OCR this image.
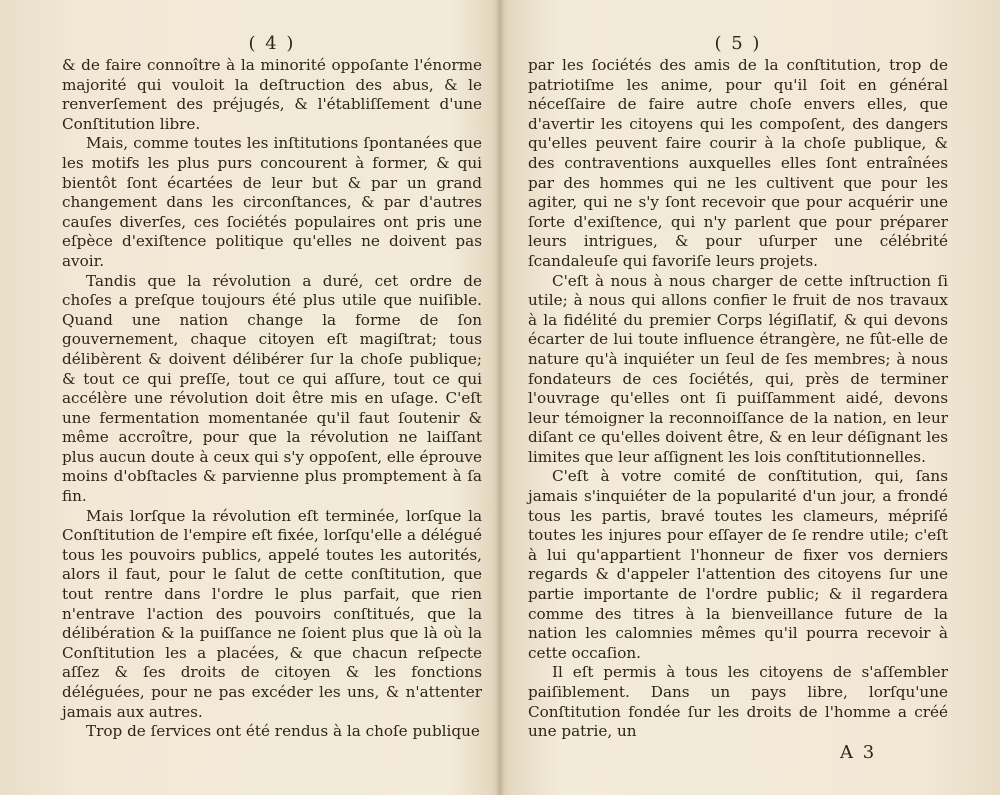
( 4 )

& de faire connoître à la minorité oppoſante l'énorme majorité qui vouloit la deſtruction des abus, & le renverſement des préjugés, & l'établiſſement d'une Conſtitution libre.

Mais, comme toutes les inſtitutions ſpontanées que les motifs les plus purs concourent à former, & qui bientôt ſont écartées de leur but & par un grand changement dans les circonſtances, & par d'autres cauſes diverſes, ces ſociétés populaires ont pris une eſpèce d'exiſtence politique qu'elles ne doivent pas avoir.

Tandis que la révolution a duré, cet ordre de choſes a preſque toujours été plus utile que nuiſible. Quand une nation change la forme de ſon gouvernement, chaque citoyen eſt magiſtrat; tous délibèrent & doivent délibérer ſur la choſe publique; & tout ce qui preſſe, tout ce qui aſſure, tout ce qui accélère une révolution doit être mis en uſage. C'eſt une fermentation momentanée qu'il faut ſoutenir & même accroître, pour que la révolution ne laiſſant plus aucun doute à ceux qui s'y oppoſent, elle éprouve moins d'obſtacles & parvienne plus promptement à ſa fin.

Mais lorſque la révolution eſt terminée, lorſque la Conſtitution de l'empire eſt fixée, lorſqu'elle a délégué tous les pouvoirs publics, appelé toutes les autorités, alors il faut, pour le ſalut de cette conſtitution, que tout rentre dans l'ordre le plus parfait, que rien n'entrave l'action des pouvoirs conſtitués, que la délibération & la puiſſance ne ſoient plus que là où la Conſtitution les a placées, & que chacun reſpecte aſſez & ſes droits de citoyen & les fonctions déléguées, pour ne pas excéder les uns, & n'attenter jamais aux autres.

Trop de ſervices ont été rendus à la choſe publique

( 5 )

par les ſociétés des amis de la conſtitution, trop de patriotiſme les anime, pour qu'il ſoit en général néceſſaire de faire autre choſe envers elles, que d'avertir les citoyens qui les compoſent, des dangers qu'elles peuvent faire courir à la choſe publique, & des contraventions auxquelles elles ſont entraînées par des hommes qui ne les cultivent que pour les agiter, qui ne s'y ſont recevoir que pour acquérir une ſorte d'exiſtence, qui n'y parlent que pour préparer leurs intrigues, & pour uſurper une célébrité ſcandaleuſe qui favoriſe leurs projets.

C'eſt à nous à nous charger de cette inſtruction ſi utile; à nous qui allons confier le fruit de nos travaux à la fidélité du premier Corps légiſlatif, & qui devons écarter de lui toute influence étrangère, ne fût-elle de nature qu'à inquiéter un ſeul de ſes membres; à nous fondateurs de ces ſociétés, qui, près de terminer l'ouvrage qu'elles ont ſi puiſſamment aidé, devons leur témoigner la reconnoiſſance de la nation, en leur diſant ce qu'elles doivent être, & en leur déſignant les limites que leur aſſignent les lois conſtitutionnelles.

C'eſt à votre comité de conſtitution, qui, ſans jamais s'inquiéter de la popularité d'un jour, a frondé tous les partis, bravé toutes les clameurs, mépriſé toutes les injures pour eſſayer de ſe rendre utile; c'eſt à lui qu'appartient l'honneur de fixer vos derniers regards & d'appeler l'attention des citoyens ſur une partie importante de l'ordre public; & il regardera comme des titres à la bienveillance future de la nation les calomnies mêmes qu'il pourra recevoir à cette occaſion.

Il eſt permis à tous les citoyens de s'aſſembler paiſiblement. Dans un pays libre, lorſqu'une Conſtitution fondée ſur les droits de l'homme a créé une patrie, un

A 3
